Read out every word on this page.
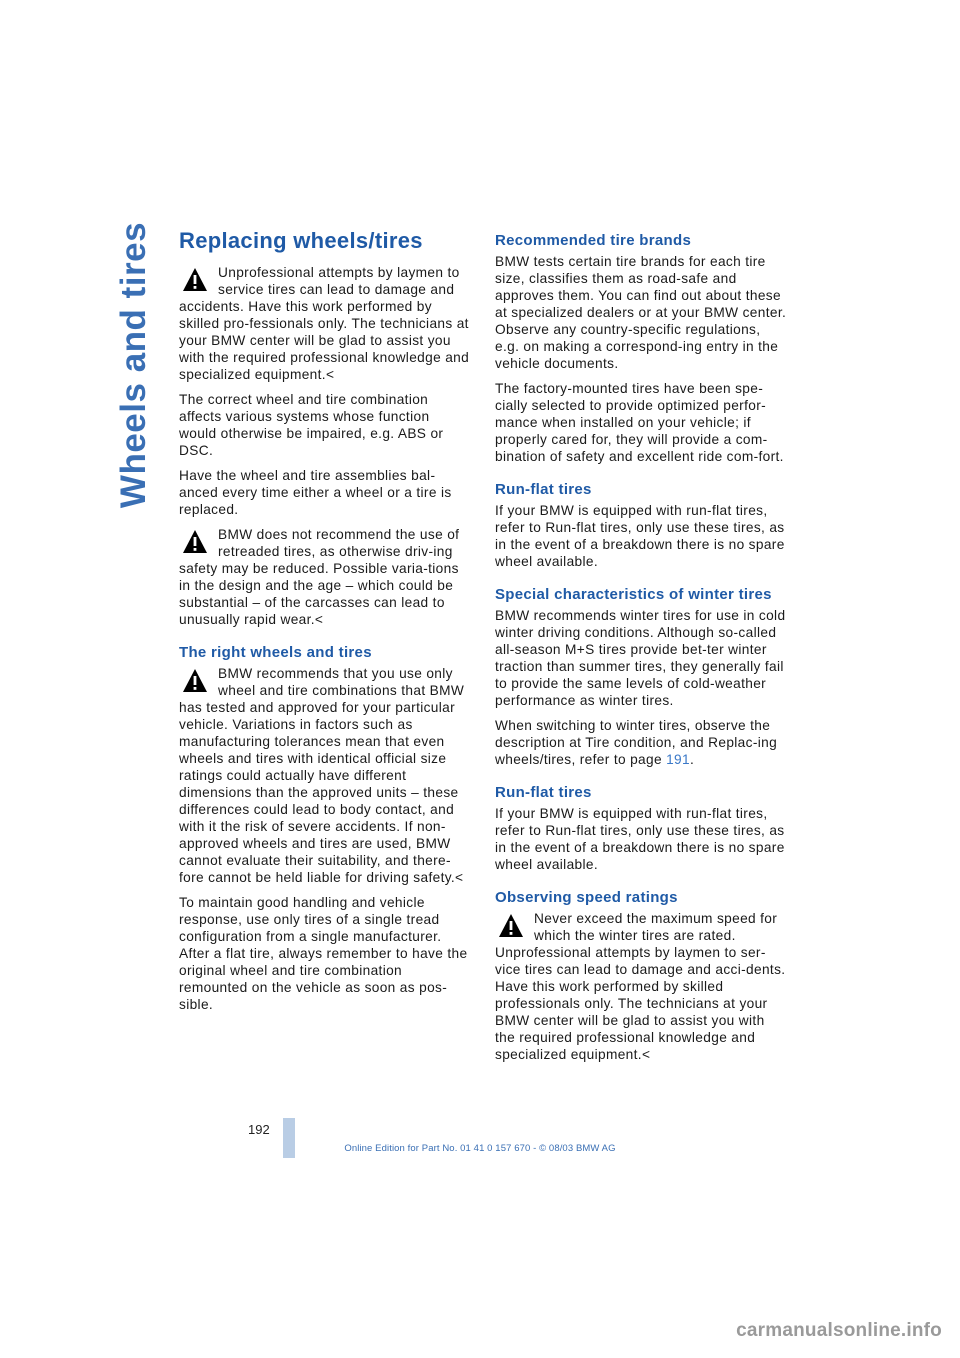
Wheels and tires Replacing wheels/tires
Unprofessional attempts by laymen to service tires can lead to damage and accidents. Have this work performed by skilled pro-fessionals only. The technicians at your BMW center will be glad to assist you with the required professional knowledge and specialized equipment.<

The correct wheel and tire combination affects various systems whose function would otherwise be impaired, e.g. ABS or DSC.

Have the wheel and tire assemblies bal-anced every time either a wheel or a tire is replaced.

BMW does not recommend the use of retreaded tires, as otherwise driv-ing safety may be reduced. Possible varia-tions in the design and the age – which could be substantial – of the carcasses can lead to unusually rapid wear.<
The right wheels and tires
BMW recommends that you use only wheel and tire combinations that BMW has tested and approved for your particular vehicle. Variations in factors such as manufacturing tolerances mean that even wheels and tires with identical official size ratings could actually have different dimensions than the approved units – these differences could lead to body contact, and with it the risk of severe accidents. If non-approved wheels and tires are used, BMW cannot evaluate their suitability, and there-fore cannot be held liable for driving safety.<

To maintain good handling and vehicle response, use only tires of a single tread configuration from a single manufacturer. After a flat tire, always remember to have the original wheel and tire combination remounted on the vehicle as soon as pos-sible.

Recommended tire brands

BMW tests certain tire brands for each tire size, classifies them as road-safe and approves them. You can find out about these at specialized dealers or at your BMW center. Observe any country-specific regulations, e.g. on making a correspond-ing entry in the vehicle documents.

The factory-mounted tires have been spe-cially selected to provide optimized perfor-mance when installed on your vehicle; if properly cared for, they will provide a com-bination of safety and excellent ride com-fort.

Run-flat tires

If your BMW is equipped with run-flat tires, refer to Run-flat tires, only use these tires, as in the event of a breakdown there is no spare wheel available.

Special characteristics of winter tires

BMW recommends winter tires for use in cold winter driving conditions. Although so-called all-season M+S tires provide bet-ter winter traction than summer tires, they generally fail to provide the same levels of cold-weather performance as winter tires.

When switching to winter tires, observe the description at Tire condition, and Replac-ing wheels/tires, refer to page 191.

Run-flat tires

If your BMW is equipped with run-flat tires, refer to Run-flat tires, only use these tires, as in the event of a breakdown there is no spare wheel available.

Observing speed ratings
Never exceed the maximum speed for which the winter tires are rated. Unprofessional attempts by laymen to ser-vice tires can lead to damage and acci-dents. Have this work performed by skilled professionals only. The technicians at your BMW center will be glad to assist you with the required professional knowledge and specialized equipment.<
192
Online Edition for Part No. 01 41 0 157 670 - © 08/03 BMW AG
carmanualsonline.info
